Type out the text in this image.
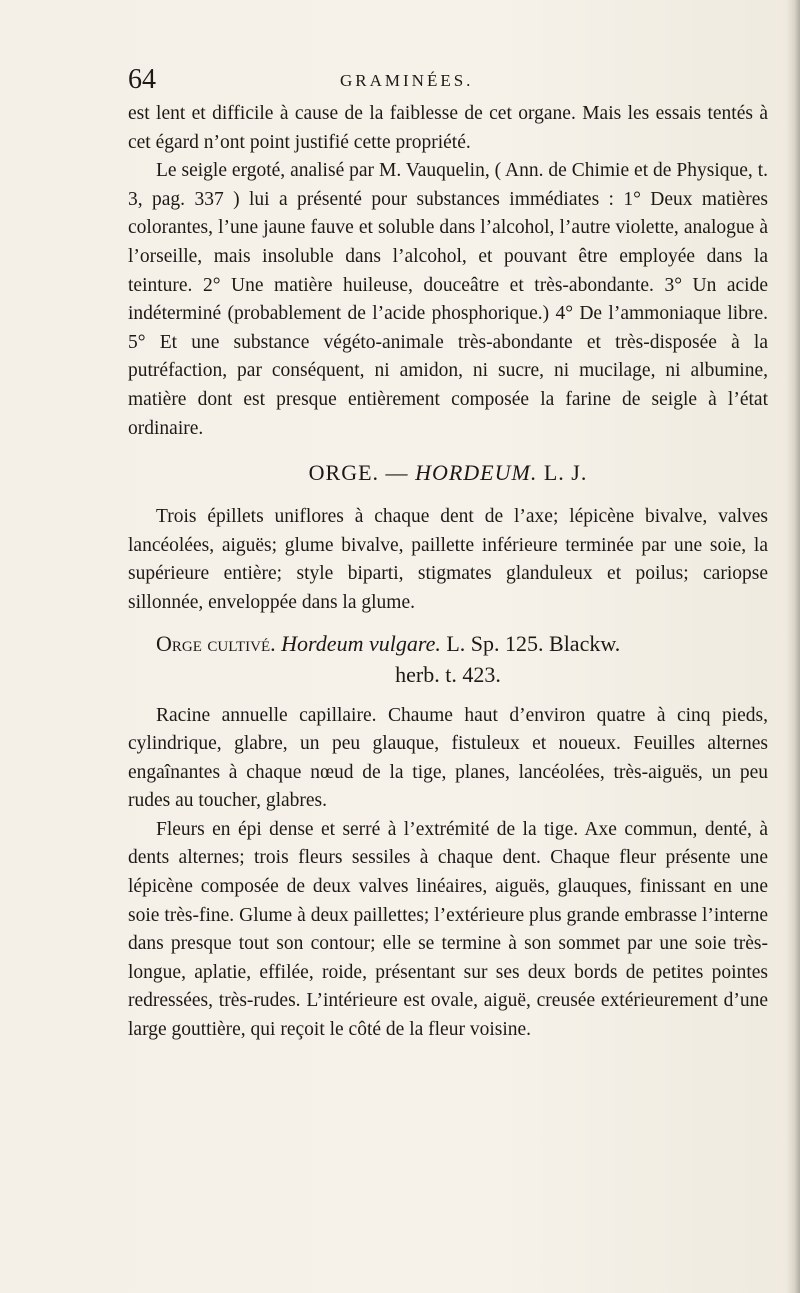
64	GRAMINÉES.

est lent et difficile à cause de la faiblesse de cet organe. Mais les essais tentés à cet égard n’ont point justifié cette propriété.

Le seigle ergoté, analisé par M. Vauquelin, ( Ann. de Chimie et de Physique, t. 3, pag. 337 ) lui a présenté pour substances immédiates : 1° Deux matières colorantes, l’une jaune fauve et soluble dans l’alcohol, l’autre violette, analogue à l’orseille, mais insoluble dans l’alcohol, et pouvant être employée dans la teinture. 2° Une matière huileuse, douceâtre et très-abondante. 3° Un acide indéterminé (probablement de l’acide phosphorique.) 4° De l’ammoniaque libre. 5° Et une substance végéto-animale très-abondante et très-disposée à la putréfaction, par conséquent, ni amidon, ni sucre, ni mucilage, ni albumine, matière dont est presque entièrement composée la farine de seigle à l’état ordinaire.

ORGE. — HORDEUM. L. J.

Trois épillets uniflores à chaque dent de l’axe; lépicène bivalve, valves lancéolées, aiguës; glume bivalve, paillette inférieure terminée par une soie, la supérieure entière; style biparti, stigmates glanduleux et poilus; cariopse sillonnée, enveloppée dans la glume.

Orge cultivé. Hordeum vulgare. L. Sp. 125. Blackw.

herb. t. 423.

Racine annuelle capillaire. Chaume haut d’environ quatre à cinq pieds, cylindrique, glabre, un peu glauque, fistuleux et noueux. Feuilles alternes engaînantes à chaque nœud de la tige, planes, lancéolées, très-aiguës, un peu rudes au toucher, glabres.

Fleurs en épi dense et serré à l’extrémité de la tige. Axe commun, denté, à dents alternes; trois fleurs sessiles à chaque dent. Chaque fleur présente une lépicène composée de deux valves linéaires, aiguës, glauques, finissant en une soie très-fine. Glume à deux paillettes; l’extérieure plus grande embrasse l’interne dans presque tout son contour; elle se termine à son sommet par une soie très-longue, aplatie, effilée, roide, présentant sur ses deux bords de petites pointes redressées, très-rudes. L’intérieure est ovale, aiguë, creusée extérieurement d’une large gouttière, qui reçoit le côté de la fleur voisine.
